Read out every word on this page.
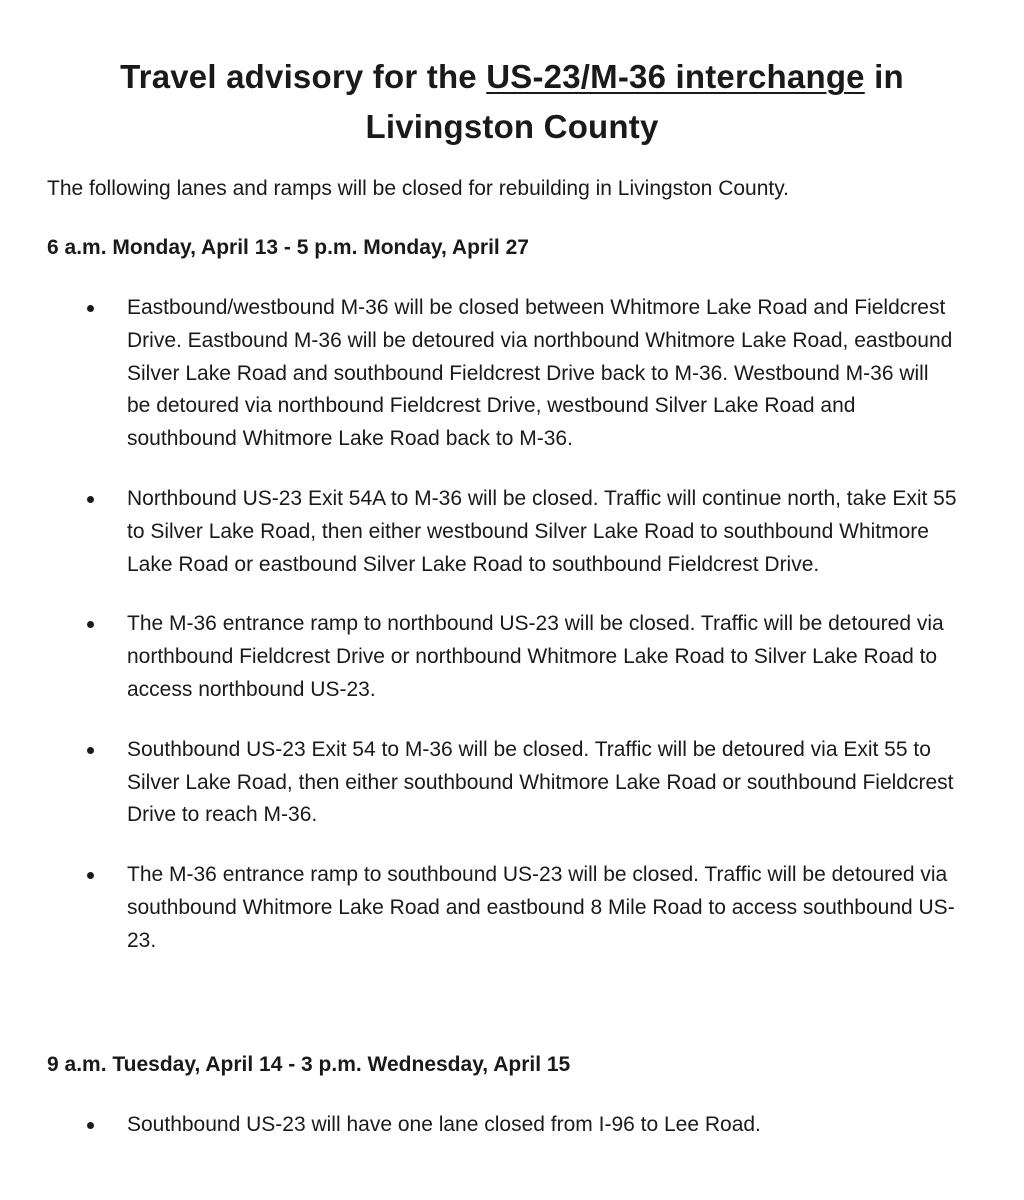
Travel advisory for the US-23/M-36 interchange in Livingston County

The following lanes and ramps will be closed for rebuilding in Livingston County.

6 a.m. Monday, April 13 - 5 p.m. Monday, April 27

Eastbound/westbound M-36 will be closed between Whitmore Lake Road and Fieldcrest Drive. Eastbound M-36 will be detoured via northbound Whitmore Lake Road, eastbound Silver Lake Road and southbound Fieldcrest Drive back to M-36. Westbound M-36 will be detoured via northbound Fieldcrest Drive, westbound Silver Lake Road and southbound Whitmore Lake Road back to M-36.
Northbound US-23 Exit 54A to M-36 will be closed. Traffic will continue north, take Exit 55 to Silver Lake Road, then either westbound Silver Lake Road to southbound Whitmore Lake Road or eastbound Silver Lake Road to southbound Fieldcrest Drive.
The M-36 entrance ramp to northbound US-23 will be closed. Traffic will be detoured via northbound Fieldcrest Drive or northbound Whitmore Lake Road to Silver Lake Road to access northbound US-23.
Southbound US-23 Exit 54 to M-36 will be closed. Traffic will be detoured via Exit 55 to Silver Lake Road, then either southbound Whitmore Lake Road or southbound Fieldcrest Drive to reach M-36.
The M-36 entrance ramp to southbound US-23 will be closed. Traffic will be detoured via southbound Whitmore Lake Road and eastbound 8 Mile Road to access southbound US-23.

9 a.m. Tuesday, April 14 - 3 p.m. Wednesday, April 15

Southbound US-23 will have one lane closed from I-96 to Lee Road.
